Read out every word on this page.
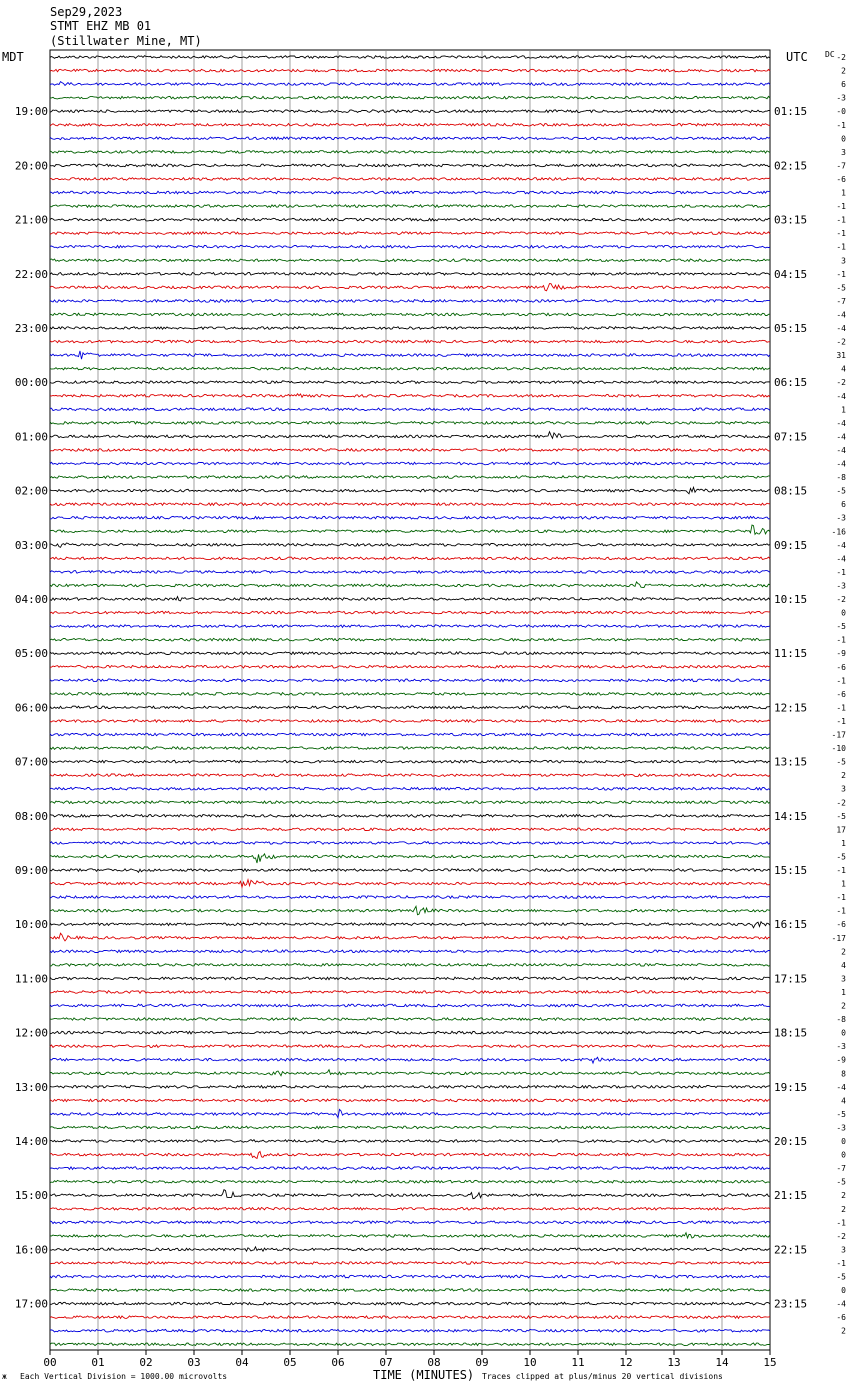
Sep29,2023
STMT EHZ MB 01
(Stillwater Mine, MT)
MDT	UTC DC
00	01	02	03	04	05	06	07	08	09	10	11	12	13	14	15
-2
2
6
-3
-0
-1
0
3
-7
-6
1
-1
-1
-1
-1
3
-1
-5
-7
-4
-4
-2
31
4
-2
-4
1
-4
-4
-4
-4
-8
-5
6
-3
-16
-4
-4
-1
-3
-2
0
-5
-1
-9
-6
-1
-6
-1
-1
-17
-10
-5
2
3
-2
-5
17
1
-5
-1
1
-1
-1
-6
-17
2
4
3
1
2
-8
0
-3
-9
8
-4
4
-5
-3
0
0
-7
-5
2
2
-1
-2
3
-1
-5
0
-4
-6
2
19:00
20:00
21:00
22:00
23:00
00:00
01:00
02:00
03:00
04:00
05:00
06:00
07:00
08:00
09:00
10:00
11:00
12:00
13:00
14:00
15:00
16:00
17:00
01:15
02:15
03:15
04:15
05:15
06:15
07:15
08:15
09:15
10:15
11:15
12:15
13:15
14:15
15:15
16:15
17:15
18:15
19:15
20:15
21:15
22:15
23:15
ж Each Vertical Division = 1000.00 microvolts	TIME (MINUTES) Traces clipped at plus/minus 20 vertical divisions
